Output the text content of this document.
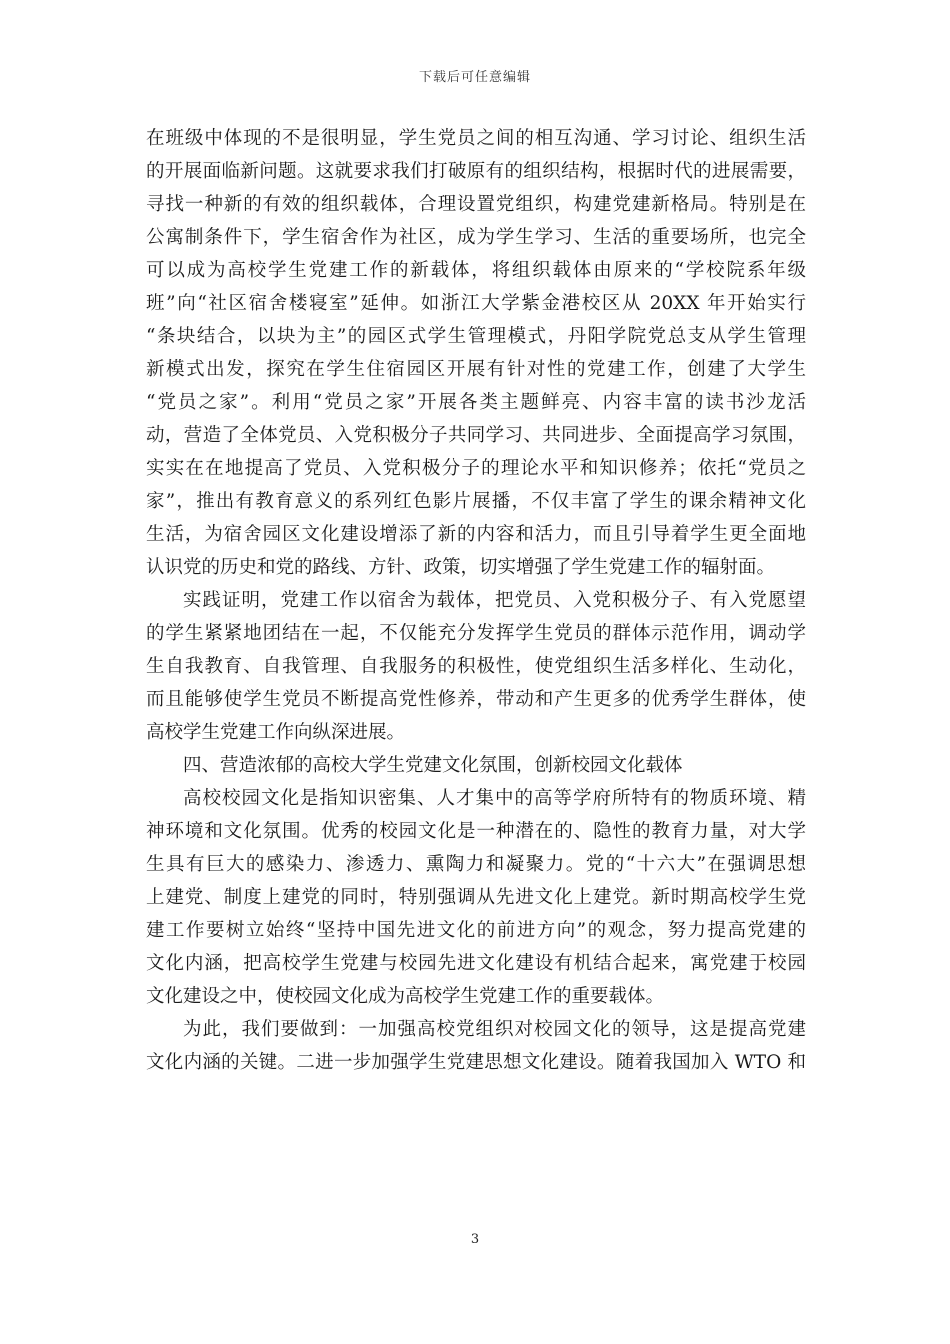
下载后可任意编辑
在班级中体现的不是很明显，学生党员之间的相互沟通、学习讨论、组织生活
的开展面临新问题。这就要求我们打破原有的组织结构，根据时代的进展需要，
寻找一种新的有效的组织载体，合理设置党组织，构建党建新格局。特别是在
公寓制条件下，学生宿舍作为社区，成为学生学习、生活的重要场所，也完全
可以成为高校学生党建工作的新载体，将组织载体由原来的“学校院系年级
班”向“社区宿舍楼寝室”延伸。如浙江大学紫金港校区从 20XX 年开始实行
“条块结合，以块为主”的园区式学生管理模式，丹阳学院党总支从学生管理
新模式出发，探究在学生住宿园区开展有针对性的党建工作，创建了大学生
“党员之家”。利用“党员之家”开展各类主题鲜亮、内容丰富的读书沙龙活
动，营造了全体党员、入党积极分子共同学习、共同进步、全面提高学习氛围，
实实在在地提高了党员、入党积极分子的理论水平和知识修养；依托“党员之
家”，推出有教育意义的系列红色影片展播，不仅丰富了学生的课余精神文化
生活，为宿舍园区文化建设增添了新的内容和活力，而且引导着学生更全面地
认识党的历史和党的路线、方针、政策，切实增强了学生党建工作的辐射面。
实践证明，党建工作以宿舍为载体，把党员、入党积极分子、有入党愿望
的学生紧紧地团结在一起，不仅能充分发挥学生党员的群体示范作用，调动学
生自我教育、自我管理、自我服务的积极性，使党组织生活多样化、生动化，
而且能够使学生党员不断提高党性修养，带动和产生更多的优秀学生群体，使
高校学生党建工作向纵深进展。
四、营造浓郁的高校大学生党建文化氛围，创新校园文化载体
高校校园文化是指知识密集、人才集中的高等学府所特有的物质环境、精
神环境和文化氛围。优秀的校园文化是一种潜在的、隐性的教育力量，对大学
生具有巨大的感染力、渗透力、熏陶力和凝聚力。党的“十六大”在强调思想
上建党、制度上建党的同时，特别强调从先进文化上建党。新时期高校学生党
建工作要树立始终“坚持中国先进文化的前进方向”的观念，努力提高党建的
文化内涵，把高校学生党建与校园先进文化建设有机结合起来，寓党建于校园
文化建设之中，使校园文化成为高校学生党建工作的重要载体。
为此，我们要做到：一加强高校党组织对校园文化的领导，这是提高党建
文化内涵的关键。二进一步加强学生党建思想文化建设。随着我国加入 WTO 和
3
